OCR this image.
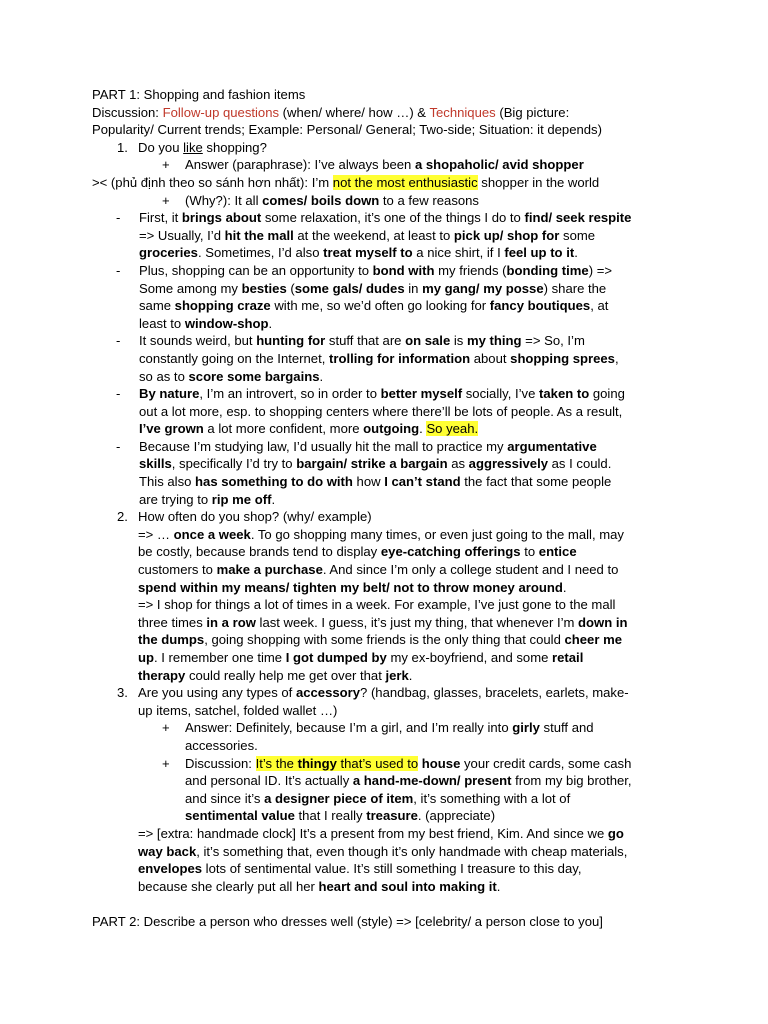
PART 1: Shopping and fashion items
Discussion: Follow-up questions (when/ where/ how …) & Techniques (Big picture:
Popularity/ Current trends; Example: Personal/ General; Two-side; Situation: it depends)
1. Do you like shopping?
+	Answer (paraphrase): I’ve always been a shopaholic/ avid shopper
>< (phủ định theo so sánh hơn nhất): I’m not the most enthusiastic shopper in the world
+	(Why?): It all comes/ boils down to a few reasons
- First, it brings about some relaxation, it’s one of the things I do to find/ seek respite
=> Usually, I’d hit the mall at the weekend, at least to pick up/ shop for some
groceries. Sometimes, I’d also treat myself to a nice shirt, if I feel up to it.
- Plus, shopping can be an opportunity to bond with my friends (bonding time) =>
Some among my besties (some gals/ dudes in my gang/ my posse) share the
same shopping craze with me, so we’d often go looking for fancy boutiques, at
least to window-shop.
- It sounds weird, but hunting for stuff that are on sale is my thing => So, I’m
constantly going on the Internet, trolling for information about shopping sprees,
so as to score some bargains.
- By nature, I’m an introvert, so in order to better myself socially, I’ve taken to going
out a lot more, esp. to shopping centers where there’ll be lots of people. As a result,
I’ve grown a lot more confident, more outgoing. So yeah.
- Because I’m studying law, I’d usually hit the mall to practice my argumentative
skills, specifically I’d try to bargain/ strike a bargain as aggressively as I could.
This also has something to do with how I can’t stand the fact that some people
are trying to rip me off.
2. How often do you shop? (why/ example)
=> … once a week. To go shopping many times, or even just going to the mall, may
be costly, because brands tend to display eye-catching offerings to entice
customers to make a purchase. And since I’m only a college student and I need to
spend within my means/ tighten my belt/ not to throw money around.
=> I shop for things a lot of times in a week. For example, I’ve just gone to the mall
three times in a row last week. I guess, it’s just my thing, that whenever I’m down in
the dumps, going shopping with some friends is the only thing that could cheer me
up. I remember one time I got dumped by my ex-boyfriend, and some retail
therapy could really help me get over that jerk.
3. Are you using any types of accessory? (handbag, glasses, bracelets, earlets, make-
up items, satchel, folded wallet …)
+ Answer: Definitely, because I’m a girl, and I’m really into girly stuff and
accessories.
+ Discussion: It’s the thingy that’s used to house your credit cards, some cash
and personal ID. It’s actually a hand-me-down/ present from my big brother,
and since it’s a designer piece of item, it’s something with a lot of
sentimental value that I really treasure. (appreciate)
=> [extra: handmade clock] It’s a present from my best friend, Kim. And since we go
way back, it’s something that, even though it’s only handmade with cheap materials,
envelopes lots of sentimental value. It’s still something I treasure to this day,
because she clearly put all her heart and soul into making it.
PART 2: Describe a person who dresses well (style) => [celebrity/ a person close to you]
